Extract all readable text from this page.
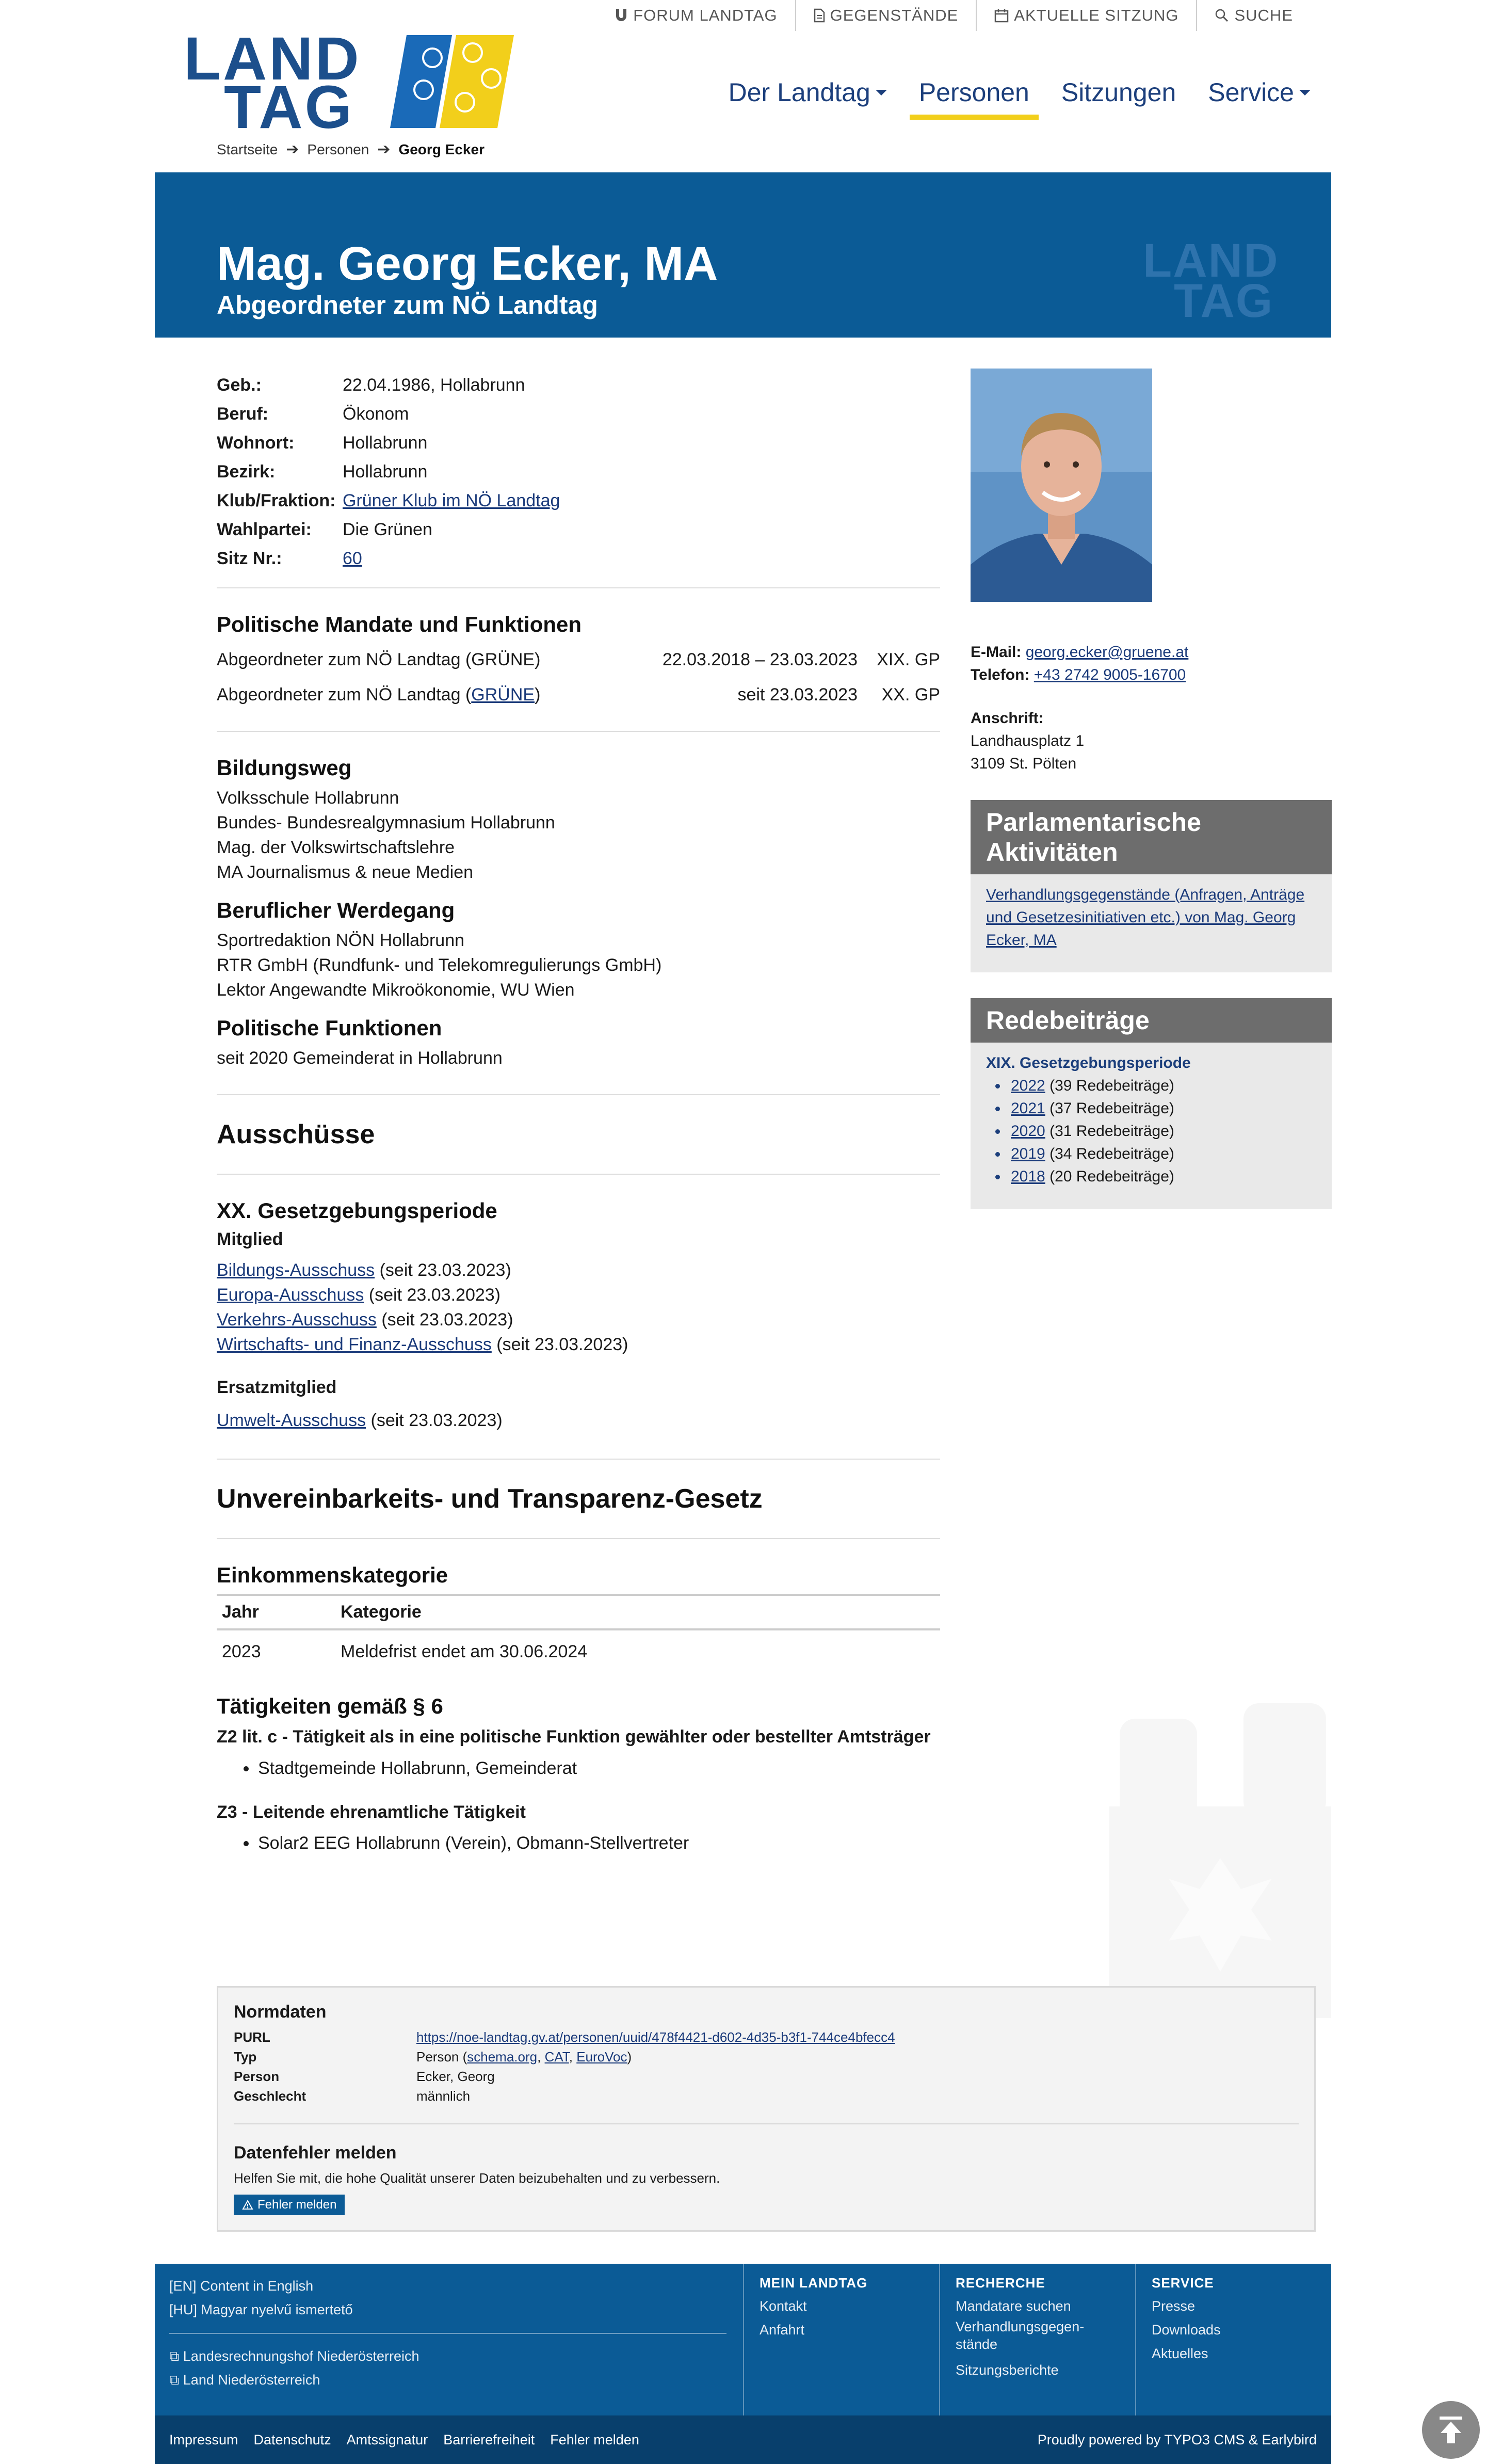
FORUM LANDTAG	GEGENSTÄNDE	AKTUELLE SITZUNG	SUCHE
LAND
TAG	Der Landtag Personen Sitzungen Service
Startseite ➔ Personen ➔ Georg Ecker
Mag. Georg Ecker, MA
Abgeordneter zum NÖ Landtag
LAND
TAG
Geb.:	22.04.1986, Hollabrunn
Beruf:	Ökonom
Wohnort:	Hollabrunn
Bezirk:	Hollabrunn
Klub/Fraktion: Grüner Klub im NÖ Landtag
Wahlpartei:	Die Grünen
Sitz Nr.:	60
Politische Mandate und Funktionen
Abgeordneter zum NÖ Landtag (GRÜNE)	22.03.2018 – 23.03.2023	XIX. GP
Abgeordneter zum NÖ Landtag (GRÜNE)	seit 23.03.2023	XX. GP
Bildungsweg
Volksschule Hollabrunn
Bundes- Bundesrealgymnasium Hollabrunn
Mag. der Volkswirtschaftslehre
MA Journalismus & neue Medien
Beruflicher Werdegang
Sportredaktion NÖN Hollabrunn
RTR GmbH (Rundfunk- und Telekomregulierungs GmbH)
Lektor Angewandte Mikroökonomie, WU Wien
Politische Funktionen
seit 2020 Gemeinderat in Hollabrunn
Ausschüsse
XX. Gesetzgebungsperiode
Mitglied
Bildungs-Ausschuss (seit 23.03.2023)
Europa-Ausschuss (seit 23.03.2023)
Verkehrs-Ausschuss (seit 23.03.2023)
Wirtschafts- und Finanz-Ausschuss (seit 23.03.2023)
Ersatzmitglied
Umwelt-Ausschuss (seit 23.03.2023)
Unvereinbarkeits- und Transparenz-Gesetz
Einkommenskategorie
Jahr	Kategorie
2023	Meldefrist endet am 30.06.2024
Tätigkeiten gemäß § 6
Z2 lit. c - Tätigkeit als in eine politische Funktion gewählter oder bestellter Amtsträger
Stadtgemeinde Hollabrunn, Gemeinderat
Z3 - Leitende ehrenamtliche Tätigkeit
Solar2 EEG Hollabrunn (Verein), Obmann-Stellvertreter
E-Mail: georg.ecker@gruene.at
Telefon: +43 2742 9005-16700
Anschrift:
Landhausplatz 1
3109 St. Pölten
Parlamentarische Aktivitäten
Verhandlungsgegenstände (Anfragen, Anträge und Gesetzesinitiativen etc.) von Mag. Georg Ecker, MA
Redebeiträge
XIX. Gesetzgebungsperiode
2022 (39 Redebeiträge)
2021 (37 Redebeiträge)
2020 (31 Redebeiträge)
2019 (34 Redebeiträge)
2018 (20 Redebeiträge)
Normdaten
PURL	https://noe-landtag.gv.at/personen/uuid/478f4421-d602-4d35-b3f1-744ce4bfecc4
Typ	Person (schema.org, CAT, EuroVoc)
Person	Ecker, Georg
Geschlecht	männlich
Datenfehler melden
Helfen Sie mit, die hohe Qualität unserer Daten beizubehalten und zu verbessern.
Fehler melden
[EN] Content in English
[HU] Magyar nyelvű ismertető
⧉ Landesrechnungshof Niederösterreich
⧉ Land Niederösterreich
MEIN LANDTAG
Kontakt
Anfahrt
RECHERCHE
Mandatare suchen
Verhandlungsgegen-stände
Sitzungsberichte
SERVICE
Presse
Downloads
Aktuelles
Impressum Datenschutz Amtssignatur Barrierefreiheit Fehler melden	Proudly powered by TYPO3 CMS & Earlybird
